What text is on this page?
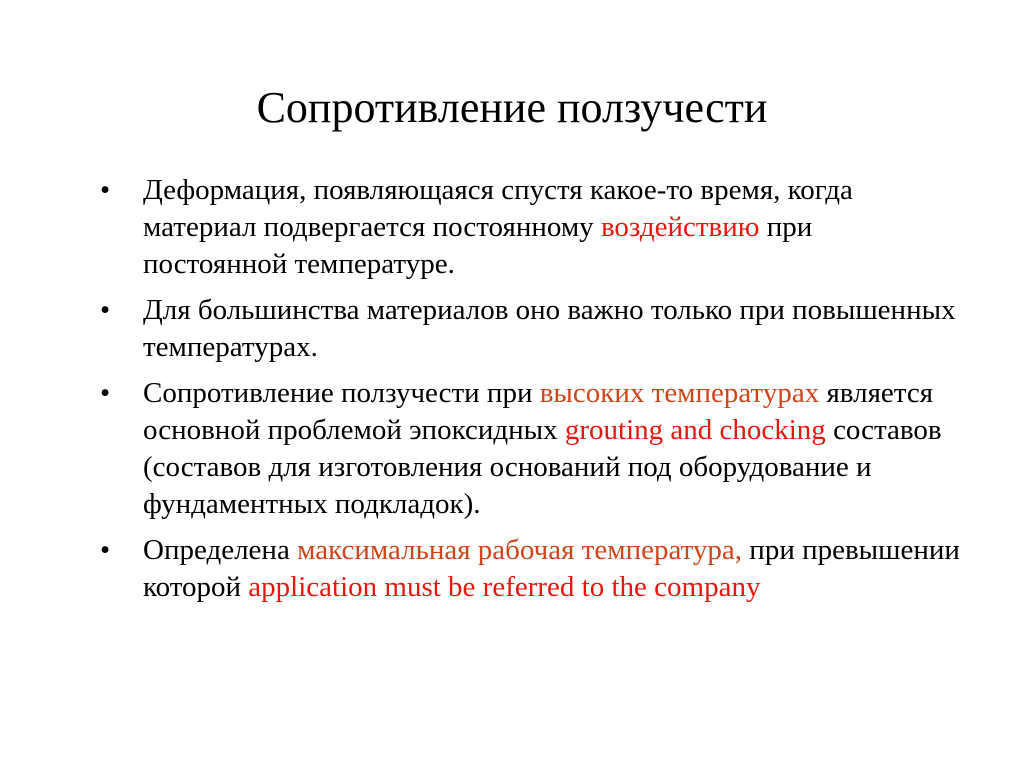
Сопротивление ползучести
•	Деформация, появляющаяся спустя какое-то время, когда материал подвергается постоянному воздействию при постоянной температуре.
•	Для большинства материалов оно важно только при повышенных температурах.
•	Сопротивление ползучести при высоких температурах является основной проблемой эпоксидных grouting and chocking составов (составов для изготовления оснований под оборудование и фундаментных подкладок).
•	Определена максимальная рабочая температура, при превышении которой application must be referred to the company
